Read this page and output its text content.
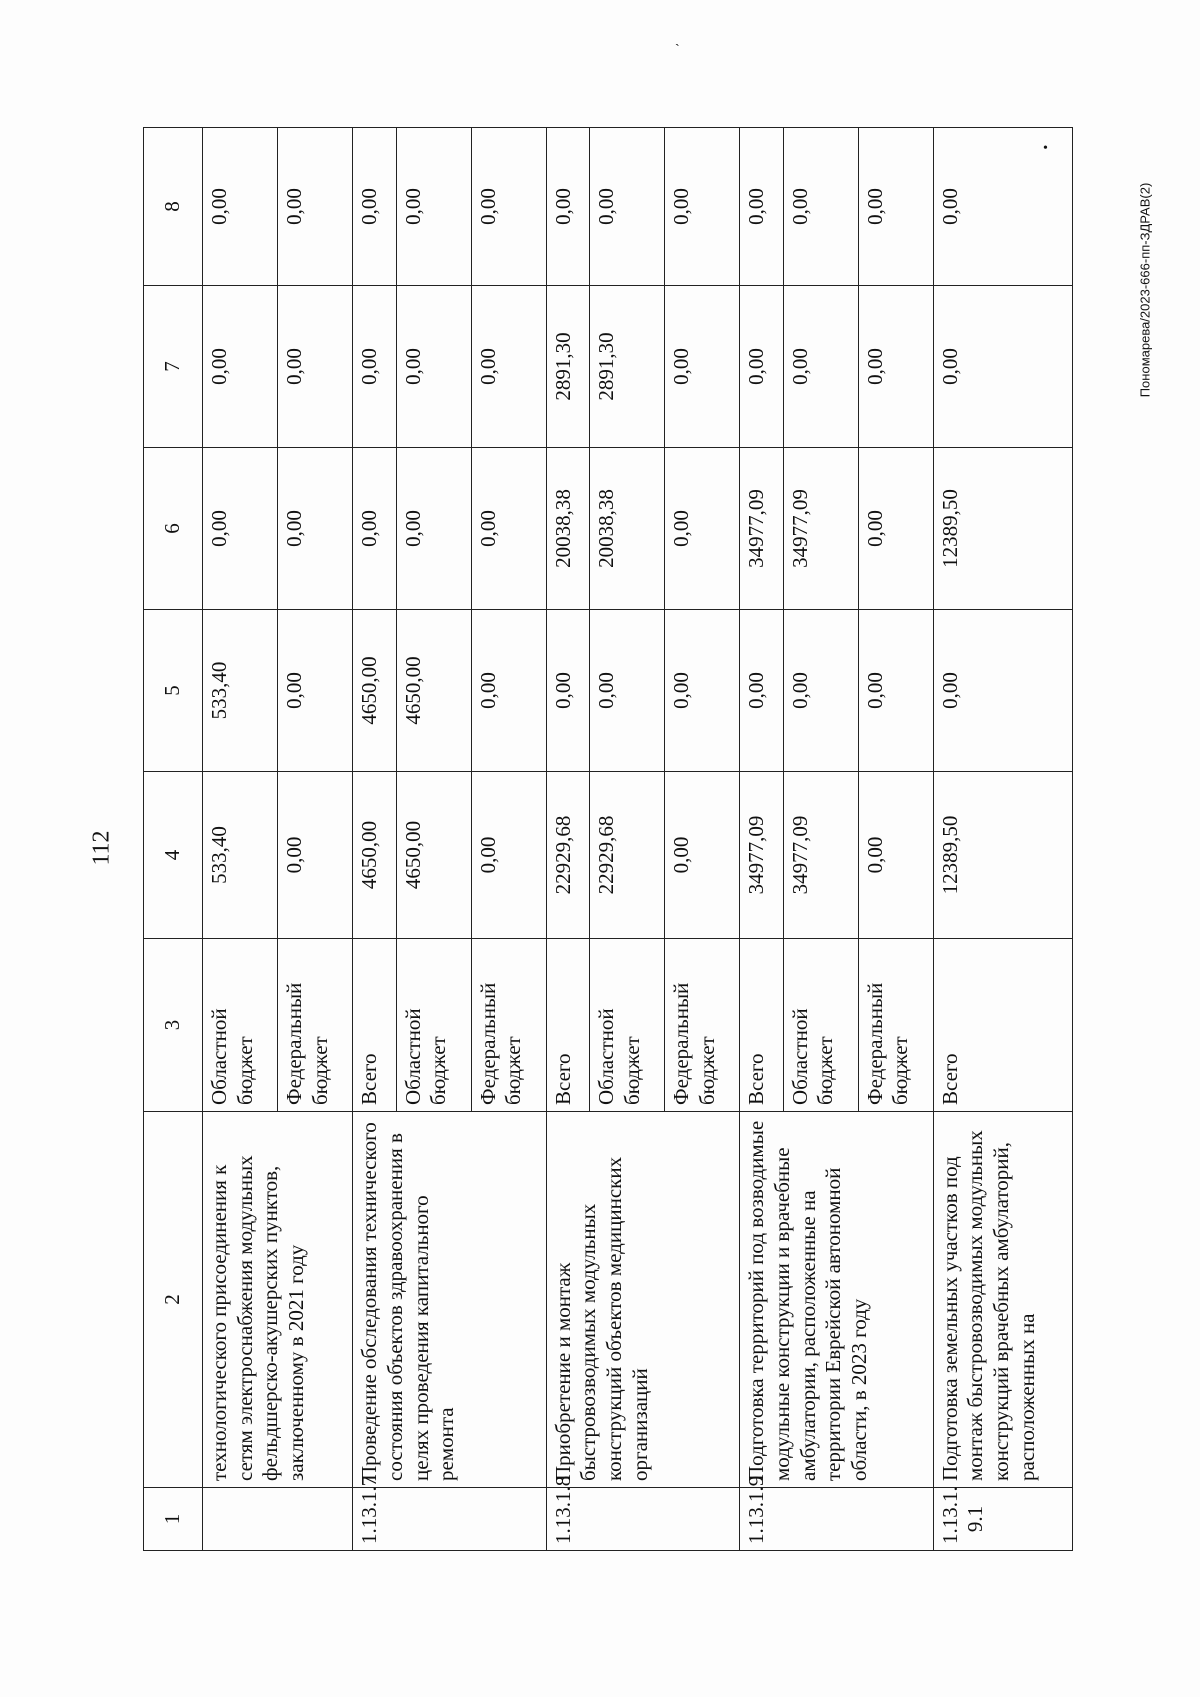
112
Пономарева/2023-666-пп-ЗДРАВ(2)
ˏ
•
1	2	3	4	5	6	7	8
	технологического присоединения к сетям электроснабжения модульных фельдшерско-акушерских пунктов, заключенному в 2021 году	Областной бюджет	533,40	533,40	0,00	0,00	0,00
		Федеральный бюджет	0,00	0,00	0,00	0,00	0,00
1.13.1.7	Проведение обследования технического состояния объектов здравоохранения в целях проведения капитального ремонта	Всего	4650,00	4650,00	0,00	0,00	0,00
		Областной бюджет	4650,00	4650,00	0,00	0,00	0,00
		Федеральный бюджет	0,00	0,00	0,00	0,00	0,00
1.13.1.8	Приобретение и монтаж быстровозводимых модульных конструкций объектов медицинских организаций	Всего	22929,68	0,00	20038,38	2891,30	0,00
		Областной бюджет	22929,68	0,00	20038,38	2891,30	0,00
		Федеральный бюджет	0,00	0,00	0,00	0,00	0,00
1.13.1.9	Подготовка территорий под возводимые модульные конструкции и врачебные амбулатории, расположенные на территории Еврейской автономной области, в 2023 году	Всего	34977,09	0,00	34977,09	0,00	0,00
		Областной бюджет	34977,09	0,00	34977,09	0,00	0,00
		Федеральный бюджет	0,00	0,00	0,00	0,00	0,00
1.13.1.
9.1	Подготовка земельных участков под монтаж быстровозводимых модульных конструкций врачебных амбулаторий, расположенных на	Всего	12389,50	0,00	12389,50	0,00	0,00
